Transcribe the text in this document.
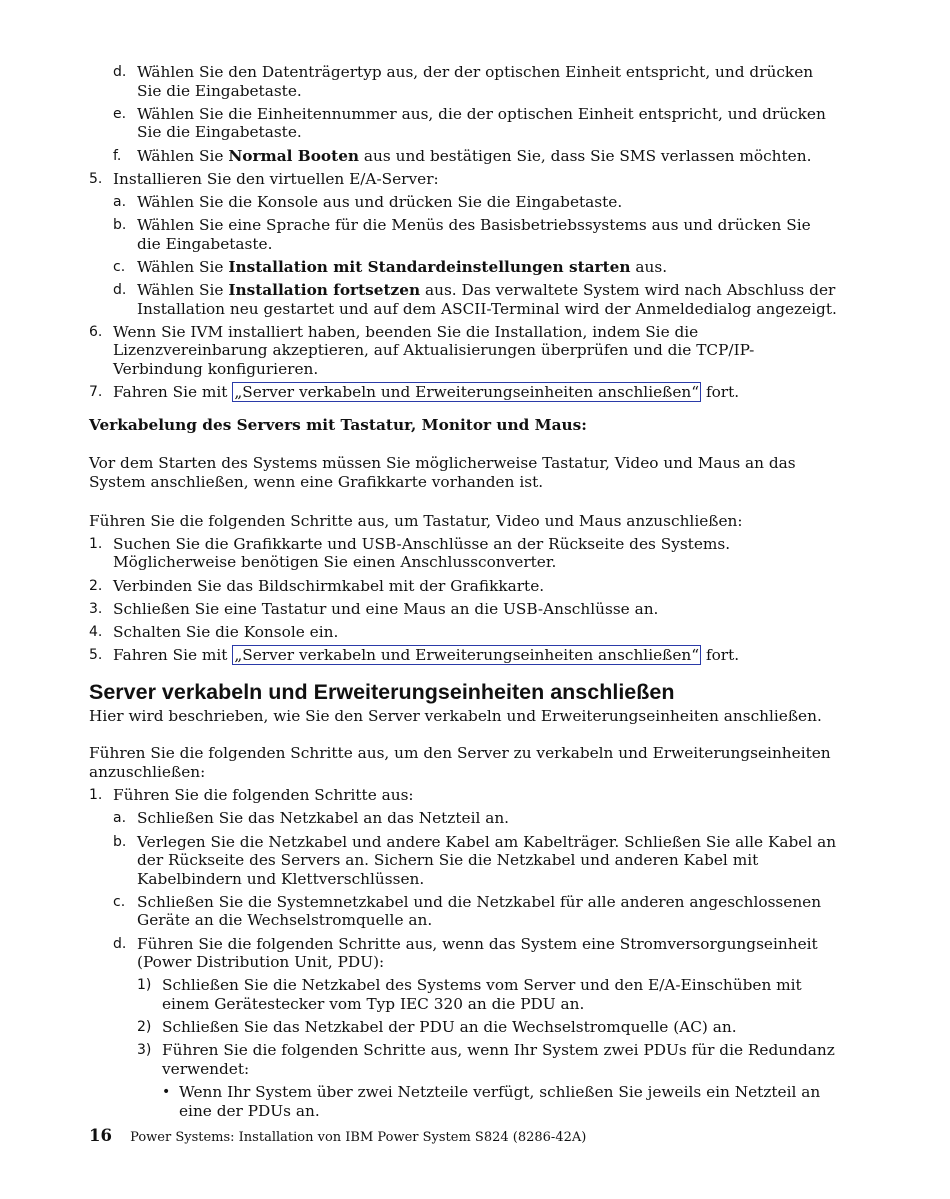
d. Wählen Sie den Datenträgertyp aus, der der optischen Einheit entspricht, und drücken Sie die Eingabetaste.
e. Wählen Sie die Einheitennummer aus, die der optischen Einheit entspricht, und drücken Sie die Eingabetaste.
f. Wählen Sie Normal Booten aus und bestätigen Sie, dass Sie SMS verlassen möchten.
5. Installieren Sie den virtuellen E/A-Server:
a. Wählen Sie die Konsole aus und drücken Sie die Eingabetaste.
b. Wählen Sie eine Sprache für die Menüs des Basisbetriebssystems aus und drücken Sie die Eingabetaste.
c. Wählen Sie Installation mit Standardeinstellungen starten aus.
d. Wählen Sie Installation fortsetzen aus. Das verwaltete System wird nach Abschluss der Installation neu gestartet und auf dem ASCII-Terminal wird der Anmeldedialog angezeigt.
6. Wenn Sie IVM installiert haben, beenden Sie die Installation, indem Sie die Lizenzvereinbarung akzeptieren, auf Aktualisierungen überprüfen und die TCP/IP-Verbindung konfigurieren.
7. Fahren Sie mit „Server verkabeln und Erweiterungseinheiten anschließen“ fort.

Verkabelung des Servers mit Tastatur, Monitor und Maus:

Vor dem Starten des Systems müssen Sie möglicherweise Tastatur, Video und Maus an das System anschließen, wenn eine Grafikkarte vorhanden ist.

Führen Sie die folgenden Schritte aus, um Tastatur, Video und Maus anzuschließen:

1. Suchen Sie die Grafikkarte und USB-Anschlüsse an der Rückseite des Systems. Möglicherweise benötigen Sie einen Anschlussconverter.
2. Verbinden Sie das Bildschirmkabel mit der Grafikkarte.
3. Schließen Sie eine Tastatur und eine Maus an die USB-Anschlüsse an.
4. Schalten Sie die Konsole ein.
5. Fahren Sie mit „Server verkabeln und Erweiterungseinheiten anschließen“ fort.
Server verkabeln und Erweiterungseinheiten anschließen

Hier wird beschrieben, wie Sie den Server verkabeln und Erweiterungseinheiten anschließen.

Führen Sie die folgenden Schritte aus, um den Server zu verkabeln und Erweiterungseinheiten anzuschließen:

1. Führen Sie die folgenden Schritte aus:
a. Schließen Sie das Netzkabel an das Netzteil an.
b. Verlegen Sie die Netzkabel und andere Kabel am Kabelträger. Schließen Sie alle Kabel an der Rückseite des Servers an. Sichern Sie die Netzkabel und anderen Kabel mit Kabelbindern und Klettverschlüssen.
c. Schließen Sie die Systemnetzkabel und die Netzkabel für alle anderen angeschlossenen Geräte an die Wechselstromquelle an.
d. Führen Sie die folgenden Schritte aus, wenn das System eine Stromversorgungseinheit (Power Distribution Unit, PDU):
1) Schließen Sie die Netzkabel des Systems vom Server und den E/A-Einschüben mit einem Gerätestecker vom Typ IEC 320 an die PDU an.
2) Schließen Sie das Netzkabel der PDU an die Wechselstromquelle (AC) an.
3) Führen Sie die folgenden Schritte aus, wenn Ihr System zwei PDUs für die Redundanz verwendet:
• Wenn Ihr System über zwei Netzteile verfügt, schließen Sie jeweils ein Netzteil an eine der PDUs an.
16 Power Systems: Installation von IBM Power System S824 (8286-42A)
